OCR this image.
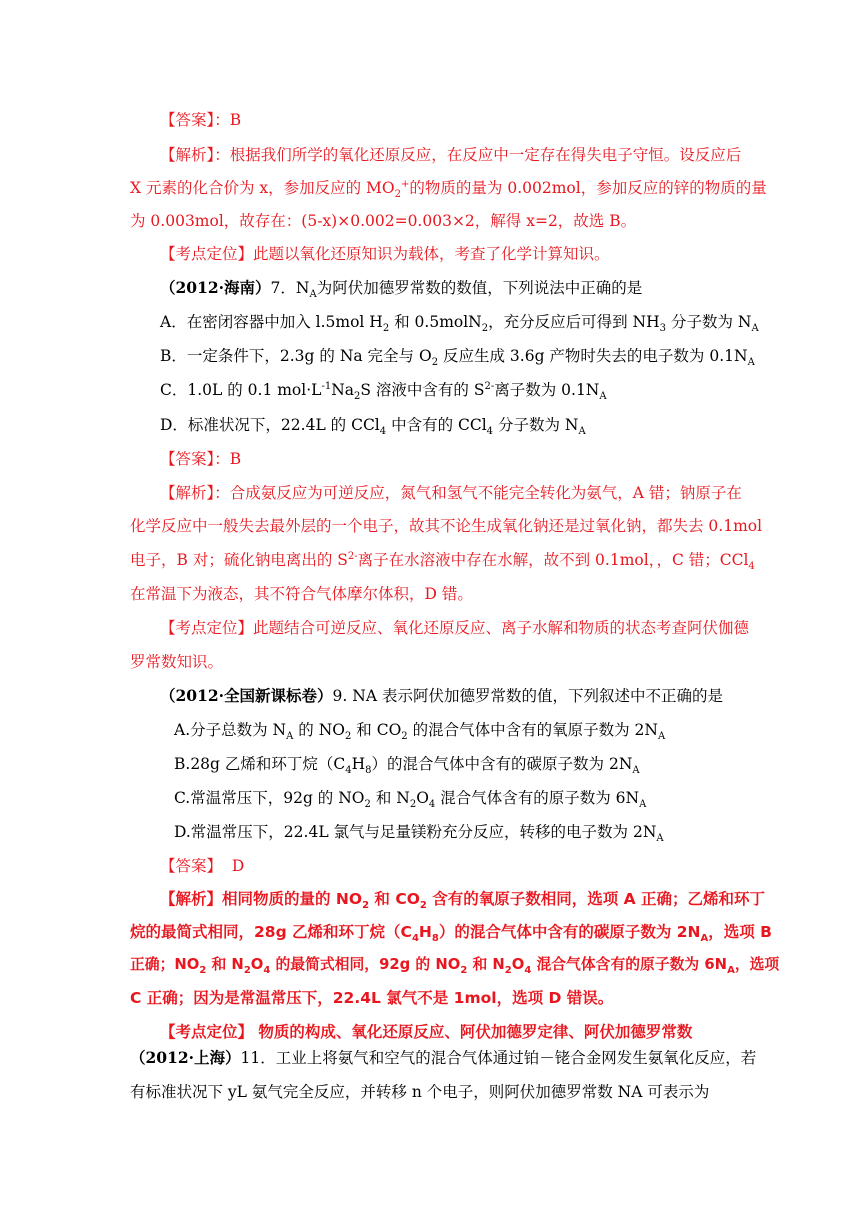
【答案】：B
【解析】：根据我们所学的氧化还原反应，在反应中一定存在得失电子守恒。设反应后
X 元素的化合价为 x，参加反应的 $MO_2^+$的物质的量为 0.002mol，参加反应的锌的物质的量
为 0.003mol，故存在：(5-x)×0.002=0.003×2，解得 x=2，故选 B。
【考点定位】此题以氧化还原知识为载体，考查了化学计算知识。
（2012·海南）7．$N_A$为阿伏加德罗常数的数值，下列说法中正确的是
A．在密闭容器中加入 l.5mol $H_2$ 和 0.5molN$_2$，充分反应后可得到 $NH_3$ 分子数为 $N_A$
B．一定条件下，2.3g 的 Na 完全与 $O_2$ 反应生成 3.6g 产物时失去的电子数为 $0.1N_A$
C．1.0L 的 0.1 $mol\cdot L^{-1}Na_2S$ 溶液中含有的 $S^{2-}$离子数为 $0.1N_A$
D．标准状况下，22.4L 的 CCl$_4$ 中含有的 CCl$_4$ 分子数为 $N_A$
【答案】：B
【解析】：合成氨反应为可逆反应，氮气和氢气不能完全转化为氨气，A 错；钠原子在
化学反应中一般失去最外层的一个电子，故其不论生成氧化钠还是过氧化钠，都失去 0.1mol
电子，B 对；硫化钠电离出的 $S^{2-}$离子在水溶液中存在水解，故不到 0.1mol，，C 错；CCl$_4$
在常温下为液态，其不符合气体摩尔体积，D 错。
【考点定位】此题结合可逆反应、氧化还原反应、离子水解和物质的状态考查阿伏伽德
罗常数知识。
（2012·全国新课标卷）9. NA 表示阿伏加德罗常数的值，下列叙述中不正确的是
A.分子总数为 $N_A$ 的 $NO_2$ 和 $CO_2$ 的混合气体中含有的氧原子数为 $2N_A$
B.28g 乙烯和环丁烷$(C_4H_8)$的混合气体中含有的碳原子数为 $2N_A$
C.常温常压下，92g 的 $NO_2$ 和 $N_2O_4$ 混合气体含有的原子数为 $6N_A$
D.常温常压下，22.4L 氯气与足量镁粉充分反应，转移的电子数为 $2N_A$
【答案】 D
【解析】相同物质的量的 $NO_2$ 和 $CO_2$ 含有的氧原子数相同，选项 A 正确；乙烯和环丁
烷的最简式相同，28g 乙烯和环丁烷$(C_4H_8)$的混合气体中含有的碳原子数为 $2N_A$，选项 B
正确；$NO_2$ 和 $N_2O_4$ 的最简式相同，92g 的 $NO_2$ 和 $N_2O_4$ 混合气体含有的原子数为 $6N_A$，选项
C 正确；因为是常温常压下，22.4L 氯气不是 1mol，选项 D 错误。
【考点定位】 物质的构成、氧化还原反应、阿伏加德罗定律、阿伏加德罗常数
（2012·上海）11．工业上将氨气和空气的混合气体通过铂－铑合金网发生氨氧化反应，若
有标准状况下 yL 氨气完全反应，并转移 n 个电子，则阿伏加德罗常数 NA 可表示为
